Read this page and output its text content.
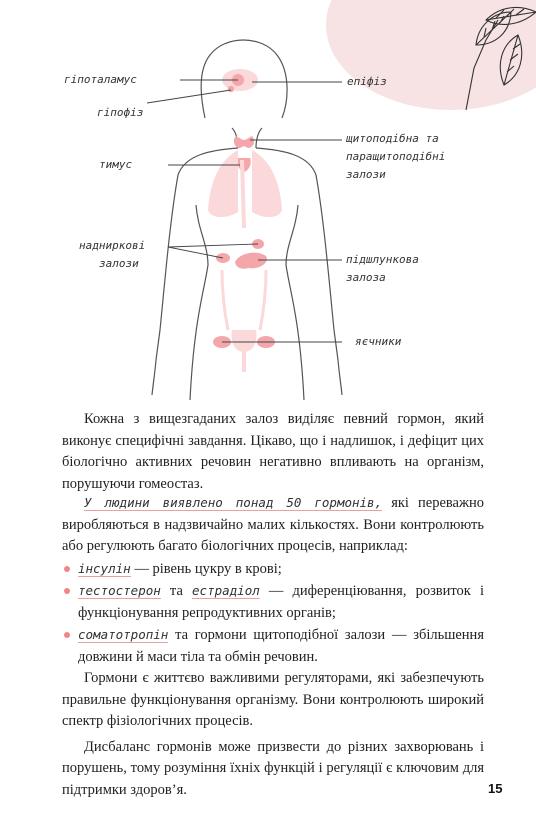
гіпоталамус
гіпофіз
епіфіз
щитоподібна та
паращитоподібні
залози
тимус
надниркові
залози	підшлункова
залоза
яєчники

Кожна з вищезгаданих залоз виділяє певний гормон, який виконує специфічні завдання. Цікаво, що і надлишок, і дефіцит цих біологічно активних речовин негативно впливають на організм, порушуючи гомеостаз.

У людини виявлено понад 50 гормонів, які переважно виробляються в надзвичайно малих кількостях. Вони контролюють або регулюють багато біологічних процесів, наприклад:

інсулін — рівень цукру в крові;
тестостерон та естрадіол — диференціювання, розвиток і функціонування репродуктивних органів;
соматотропін та гормони щитоподібної залози — збільшення довжини й маси тіла та обмін речовин.

Гормони є життєво важливими регуляторами, які забезпечують правильне функціонування організму. Вони контролюють широкий спектр фізіологічних процесів.

Дисбаланс гормонів може призвести до різних захворювань і порушень, тому розуміння їхніх функцій і регуляції є ключовим для підтримки здоров’я.	15
